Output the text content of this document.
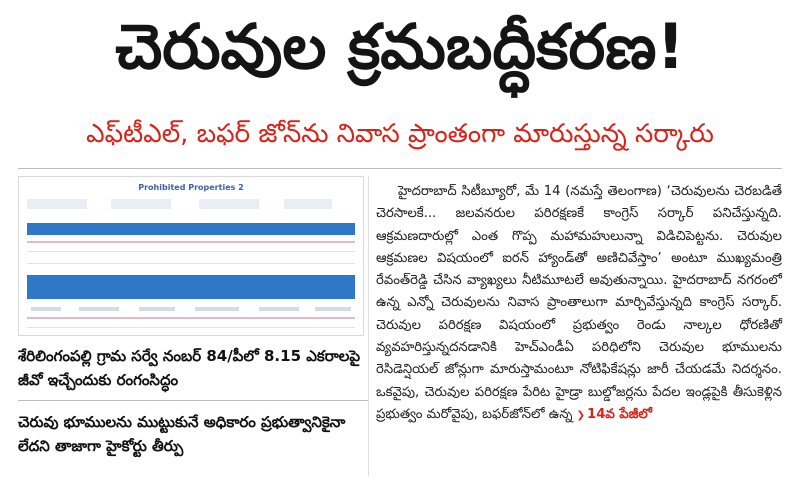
చెరువుల క్రమబద్ధీకరణ!
ఎఫ్‌టీఎల్‌, బఫర్‌ జోన్‌ను నివాస ప్రాంతంగా మారుస్తున్న సర్కారు
Prohibited Properties 2
శేరిలింగంపల్లి గ్రామ సర్వే నంబర్‌ 84/పీలో 8.15 ఎకరాలపై జీవో ఇచ్చేందుకు రంగంసిద్ధం
చెరువు భూములను ముట్టుకునే అధికారం ప్రభుత్వానికైనా లేదని తాజాగా హైకోర్టు తీర్పు
హైదరాబాద్‌ సిటీబ్యూరో, మే 14 (నమస్తే తెలంగాణ) ‘చెరువులను చెరబడితే చెరసాలకే... జలవనరుల పరిరక్షణకే కాంగ్రెస్‌ సర్కార్‌ పనిచేస్తున్నది. ఆక్రమణదారుల్లో ఎంత గొప్ప మహామహులున్నా విడిచిపెట్టను. చెరువుల ఆక్రమణల విషయంలో ఐరన్‌ హ్యాండ్‌తో అణిచివేస్తాం’ అంటూ ముఖ్యమంత్రి రేవంత్‌రెడ్డి చేసిన వ్యాఖ్యలు నీటిమూటలే అవుతున్నాయి. హైదరాబాద్‌ నగరంలో ఉన్న ఎన్నో చెరువులను నివాస ప్రాంతాలుగా మార్చివేస్తున్నది కాంగ్రెస్‌ సర్కార్‌. చెరువుల పరిరక్షణ విషయంలో ప్రభుత్వం రెండు నాల్కల ధోరణితో వ్యవహరిస్తున్నదనడానికి హెచ్‌ఎండీఏ పరిధిలోని చెరువుల భూములను రెసిడెన్షియల్‌ జోన్లుగా మారుస్తామంటూ నోటిఫికేషన్లు జారీ చేయడమే నిదర్శనం. ఒకవైపు, చెరువుల పరిరక్షణ పేరిట హైడ్రా బుల్డోజర్లను పేదల ఇండ్లపైకి తీసుకెళ్లిన ప్రభుత్వం మరోవైపు, బఫర్‌జోన్‌లో ఉన్న ❯ 14వ పేజీలో
